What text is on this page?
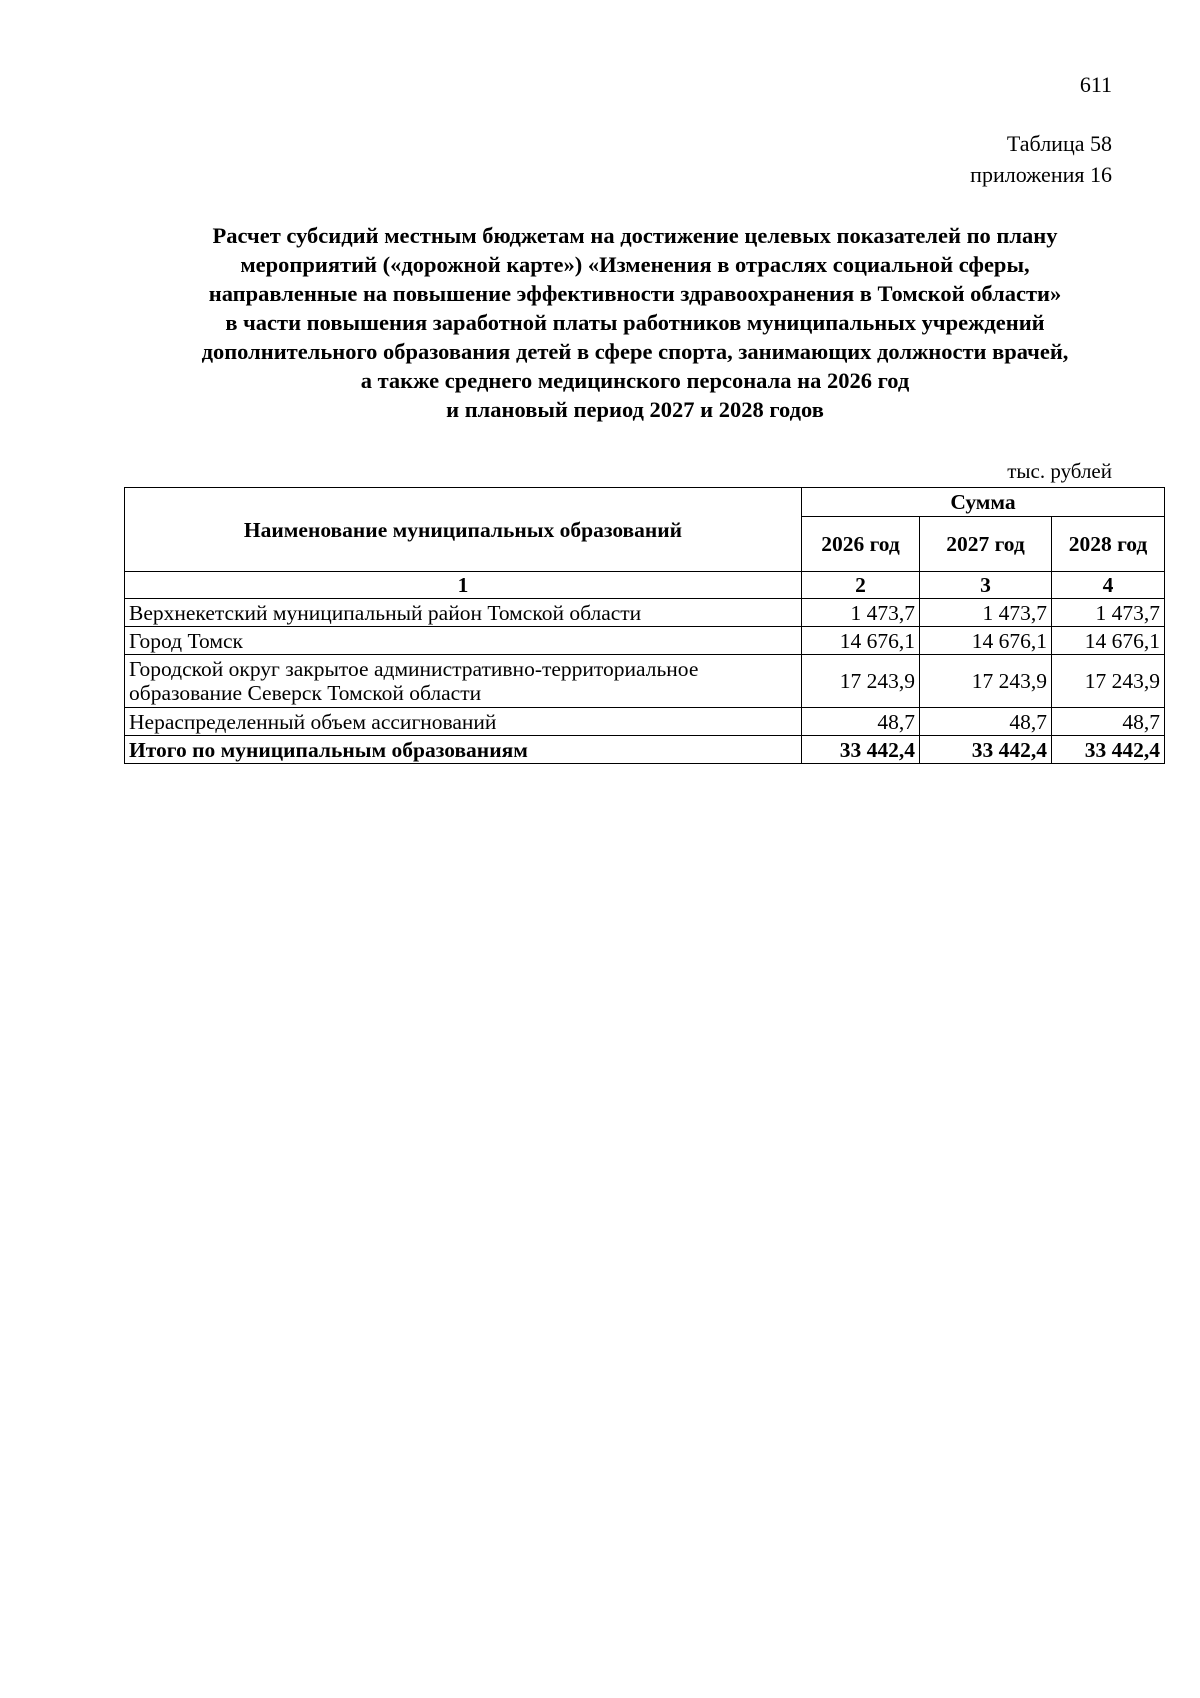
611
Таблица 58
приложения 16
Расчет субсидий местным бюджетам на достижение целевых показателей по плану
мероприятий («дорожной карте») «Изменения в отраслях социальной сферы,
направленные на повышение эффективности здравоохранения в Томской области»
в части повышения заработной платы работников муниципальных учреждений
дополнительного образования детей в сфере спорта, занимающих должности врачей,
а также среднего медицинского персонала на 2026 год
и плановый период 2027 и 2028 годов
тыс. рублей
Наименование муниципальных образований	Сумма		
	2026 год	2027 год	2028 год
1	2	3	4
Верхнекетский муниципальный район Томской области	1 473,7	1 473,7	1 473,7
Город Томск	14 676,1	14 676,1	14 676,1

Городской округ закрытое административно-территориальное
образование Северск Томской области	17 243,9	17 243,9	17 243,9
Нераспределенный объем ассигнований	48,7	48,7	48,7
Итого по муниципальным образованиям	33 442,4	33 442,4	33 442,4
